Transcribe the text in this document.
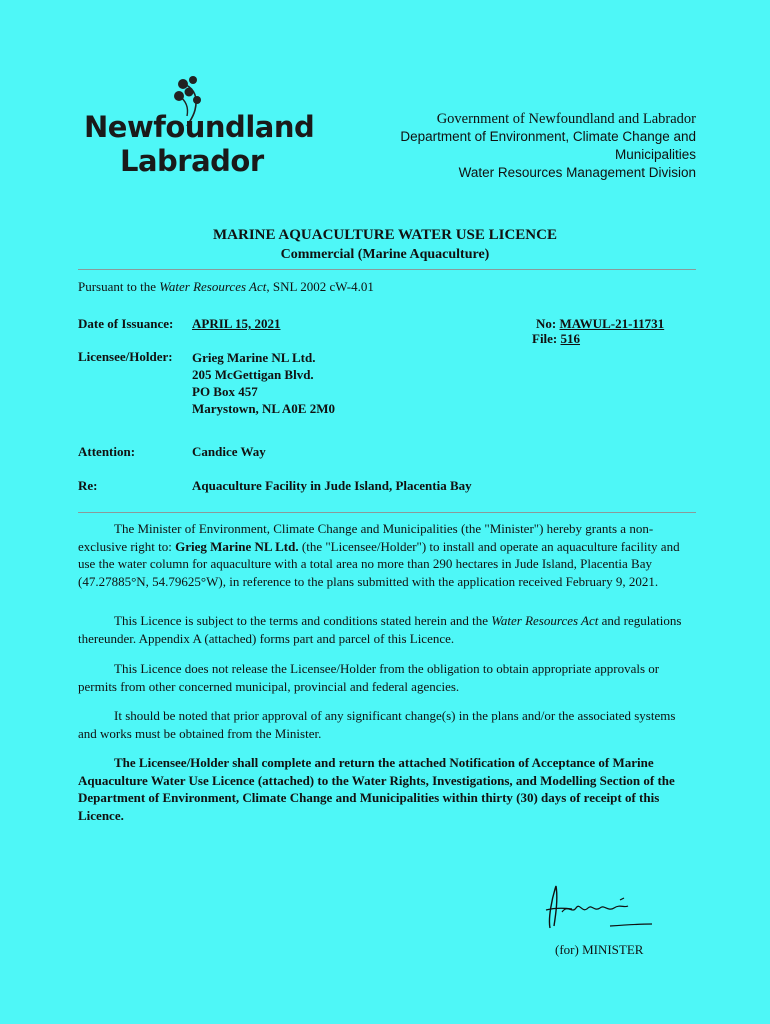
Newfoundland
Labrador
Government of Newfoundland and Labrador
Department of Environment, Climate Change and
Municipalities
Water Resources Management Division
MARINE AQUACULTURE WATER USE LICENCE
Commercial (Marine Aquaculture)
Pursuant to the Water Resources Act, SNL 2002 cW-4.01
Date of Issuance: APRIL 15, 2021	No: MAWUL-21-11731
File: 516
Licensee/Holder: Grieg Marine NL Ltd.
205 McGettigan Blvd.
PO Box 457
Marystown, NL A0E 2M0
Attention:	Candice Way
Re:	Aquaculture Facility in Jude Island, Placentia Bay
The Minister of Environment, Climate Change and Municipalities (the "Minister") hereby grants a non-exclusive right to: Grieg Marine NL Ltd. (the "Licensee/Holder") to install and operate an aquaculture facility and use the water column for aquaculture with a total area no more than 290 hectares in Jude Island, Placentia Bay (47.27885°N, 54.79625°W), in reference to the plans submitted with the application received February 9, 2021.
This Licence is subject to the terms and conditions stated herein and the Water Resources Act and regulations thereunder. Appendix A (attached) forms part and parcel of this Licence.
This Licence does not release the Licensee/Holder from the obligation to obtain appropriate approvals or permits from other concerned municipal, provincial and federal agencies.
It should be noted that prior approval of any significant change(s) in the plans and/or the associated systems and works must be obtained from the Minister.
The Licensee/Holder shall complete and return the attached Notification of Acceptance of Marine Aquaculture Water Use Licence (attached) to the Water Rights, Investigations, and Modelling Section of the Department of Environment, Climate Change and Municipalities within thirty (30) days of receipt of this Licence.
(for) MINISTER
